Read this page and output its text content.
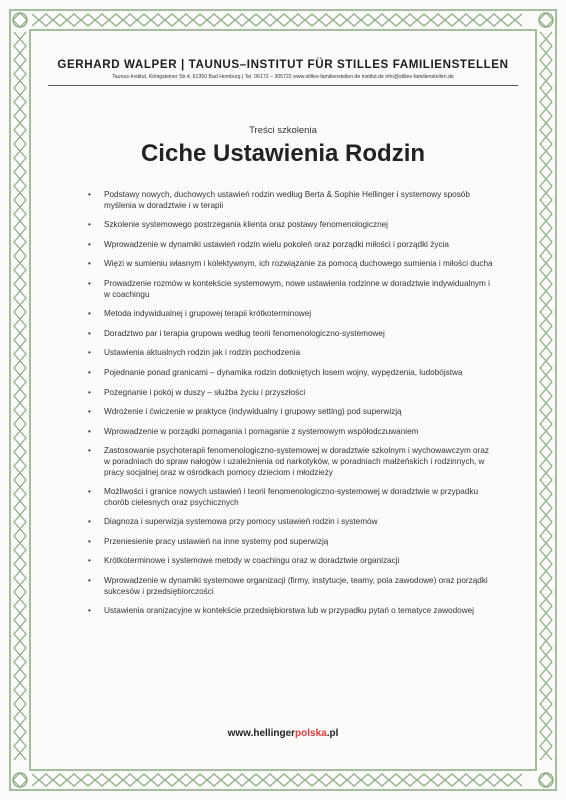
GERHARD WALPER | TAUNUS–INSTITUT FÜR STILLES FAMILIENSTELLEN
Taunus-Institut, Königsteiner Str.4, 61350 Bad Homburg | Tel. 06172 – 305722 www.stilles-familienstellen.de institut.de info@stilles-familienstellen.de
Treści szkolenia
Ciche Ustawienia Rodzin
• Podstawy nowych, duchowych ustawień rodzin według Berta & Sophie Hellinger i systemowy sposób myślenia w doradztwie i w terapii
• Szkolenie systemowego postrzegania klienta oraz postawy fenomenologicznej
• Wprowadzenie w dynamiki ustawień rodzin wielu pokoleń oraz porządki miłości i porządki życia
• Więzi w sumieniu własnym i kolektywnym, ich rozwiązanie za pomocą duchowego sumienia i miłości ducha
• Prowadzenie rozmów w kontekście systemowym, nowe ustawienia rodzinne w doradztwie indywidualnym i w coachingu
• Metoda indywidualnej i grupowej terapii krótkoterminowej
• Doradztwo par i terapia grupowa według teorii fenomenologiczno-systemowej
• Ustawienia aktualnych rodzin jak i rodzin pochodzenia
• Pojednanie ponad granicami – dynamika rodzin dotkniętych losem wojny, wypędzenia, ludobójstwa
• Pożegnanie i pokój w duszy – służba życiu i przyszłości
• Wdrożenie i ćwiczenie w praktyce (indywidualny i grupowy setting) pod superwizją
• Wprowadzenie w porządki pomagania i pomaganie z systemowym współodczuwaniem
• Zastosowanie psychoterapii fenomenologiczno-systemowej w doradztwie szkolnym i wychowawczym oraz w poradniach do spraw nałogów i uzależnienia od narkotyków, w poradniach małżeńskich i rodzinnych, w pracy socjalnej oraz w ośrodkach pomocy dzieciom i młodzieży
• Możliwości i granice nowych ustawień i teorii fenomenologiczno-systemowej w doradztwie w przypadku chorób cielesnych oraz psychicznych
• Diagnoza i superwizja systemowa przy pomocy ustawień rodzin i systemów
• Przeniesienie pracy ustawień na inne systemy pod superwizją
• Krótkoterminowe i systemowe metody w coachingu oraz w doradztwie organizacji
• Wprowadzenie w dynamiki systemowe organizacji (firmy, instytucje, teamy, pola zawodowe) oraz porządki sukcesów i przedsiębiorczości
• Ustawienia oranizacyjne w kontekście przedsiębiorstwa lub w przypadku pytań o tematyce zawodowej
www.hellingerpolska.pl
